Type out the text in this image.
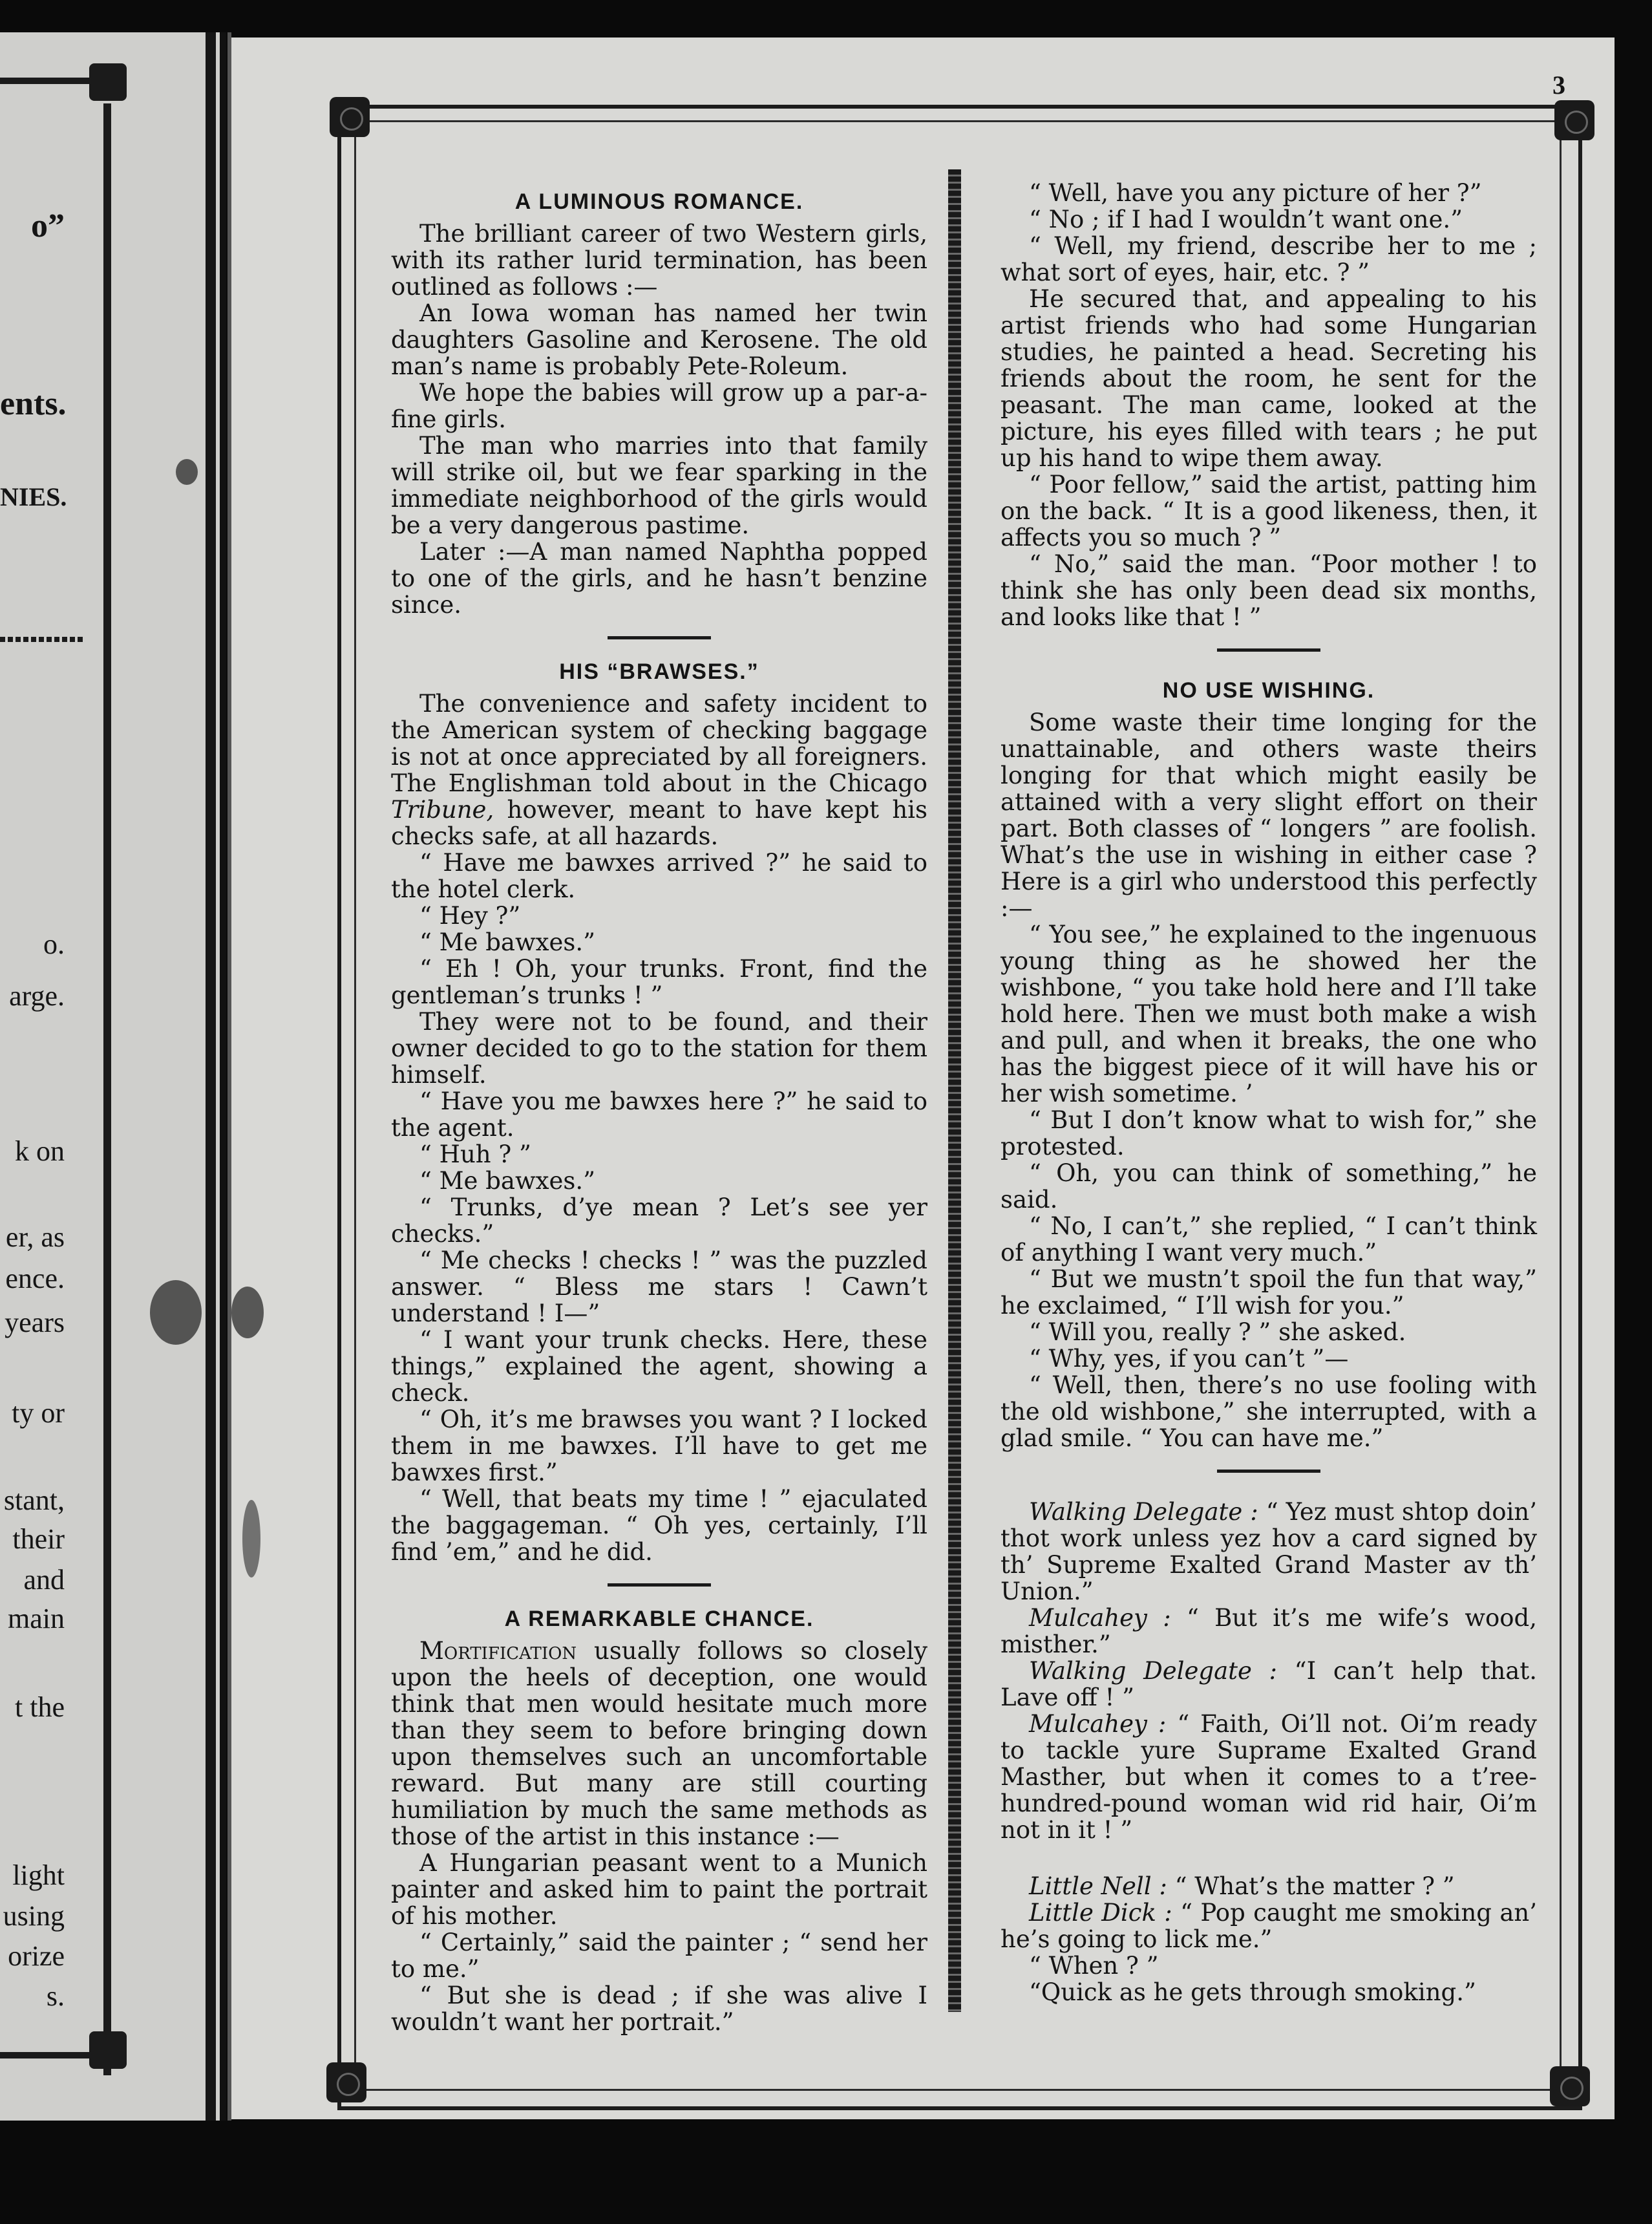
o”
ents.
NIES.
o.
arge.
k on
er, as
ence.
years
ty or
stant,
their
and
main
t the
light
using
orize
s.
3
A LUMINOUS ROMANCE.

The brilliant career of two Western girls, with its rather lurid termination, has been outlined as follows :—

An Iowa woman has named her twin daughters Gasoline and Kerosene. The old man’s name is probably Pete-Roleum.

We hope the babies will grow up a par-a-fine girls.

The man who marries into that family will strike oil, but we fear sparking in the immediate neighborhood of the girls would be a very dangerous pastime.

Later :—A man named Naphtha popped to one of the girls, and he hasn’t benzine since.

HIS “BRAWSES.”

The convenience and safety incident to the American system of checking baggage is not at once appreciated by all foreigners. The Englishman told about in the Chicago Tribune, however, meant to have kept his checks safe, at all hazards.

“ Have me bawxes arrived ?” he said to the hotel clerk.

“ Hey ?”

“ Me bawxes.”

“ Eh ! Oh, your trunks. Front, find the gentleman’s trunks ! ”

They were not to be found, and their owner decided to go to the station for them himself.

“ Have you me bawxes here ?” he said to the agent.

“ Huh ? ”

“ Me bawxes.”

“ Trunks, d’ye mean ? Let’s see yer checks.”

“ Me checks ! checks ! ” was the puzzled answer. “ Bless me stars ! Cawn’t understand ! I—”

“ I want your trunk checks. Here, these things,” explained the agent, showing a check.

“ Oh, it’s me brawses you want ? I locked them in me bawxes. I’ll have to get me bawxes first.”

“ Well, that beats my time ! ” ejaculated the baggageman. “ Oh yes, certainly, I’ll find ’em,” and he did.

A REMARKABLE CHANCE.

Mortification usually follows so closely upon the heels of deception, one would think that men would hesitate much more than they seem to before bringing down upon themselves such an uncomfortable reward. But many are still courting humiliation by much the same methods as those of the artist in this instance :—

A Hungarian peasant went to a Munich painter and asked him to paint the portrait of his mother.

“ Certainly,” said the painter ; “ send her to me.”

“ But she is dead ; if she was alive I wouldn’t want her portrait.”

“ Well, have you any picture of her ?”

“ No ; if I had I wouldn’t want one.”

“ Well, my friend, describe her to me ; what sort of eyes, hair, etc. ? ”

He secured that, and appealing to his artist friends who had some Hungarian studies, he painted a head. Secreting his friends about the room, he sent for the peasant. The man came, looked at the picture, his eyes filled with tears ; he put up his hand to wipe them away.

“ Poor fellow,” said the artist, patting him on the back. “ It is a good likeness, then, it affects you so much ? ”

“ No,” said the man. “Poor mother ! to think she has only been dead six months, and looks like that ! ”

NO USE WISHING.

Some waste their time longing for the unattainable, and others waste theirs longing for that which might easily be attained with a very slight effort on their part. Both classes of “ longers ” are foolish. What’s the use in wishing in either case ? Here is a girl who understood this perfectly :—

“ You see,” he explained to the ingenuous young thing as he showed her the wishbone, “ you take hold here and I’ll take hold here. Then we must both make a wish and pull, and when it breaks, the one who has the biggest piece of it will have his or her wish sometime. ’

“ But I don’t know what to wish for,” she protested.

“ Oh, you can think of something,” he said.

“ No, I can’t,” she replied, “ I can’t think of anything I want very much.”

“ But we mustn’t spoil the fun that way,” he exclaimed, “ I’ll wish for you.”

“ Will you, really ? ” she asked.

“ Why, yes, if you can’t ”—

“ Well, then, there’s no use fooling with the old wishbone,” she interrupted, with a glad smile. “ You can have me.”

Walking Delegate : “ Yez must shtop doin’ thot work unless yez hov a card signed by th’ Supreme Exalted Grand Master av th’ Union.”

Mulcahey : “ But it’s me wife’s wood, misther.”

Walking Delegate : “I can’t help that. Lave off ! ”

Mulcahey : “ Faith, Oi’ll not. Oi’m ready to tackle yure Suprame Exalted Grand Masther, but when it comes to a t’ree-hundred-pound woman wid rid hair, Oi’m not in it ! ”

Little Nell : “ What’s the matter ? ”

Little Dick : “ Pop caught me smoking an’ he’s going to lick me.”

“ When ? ”

“Quick as he gets through smoking.”
